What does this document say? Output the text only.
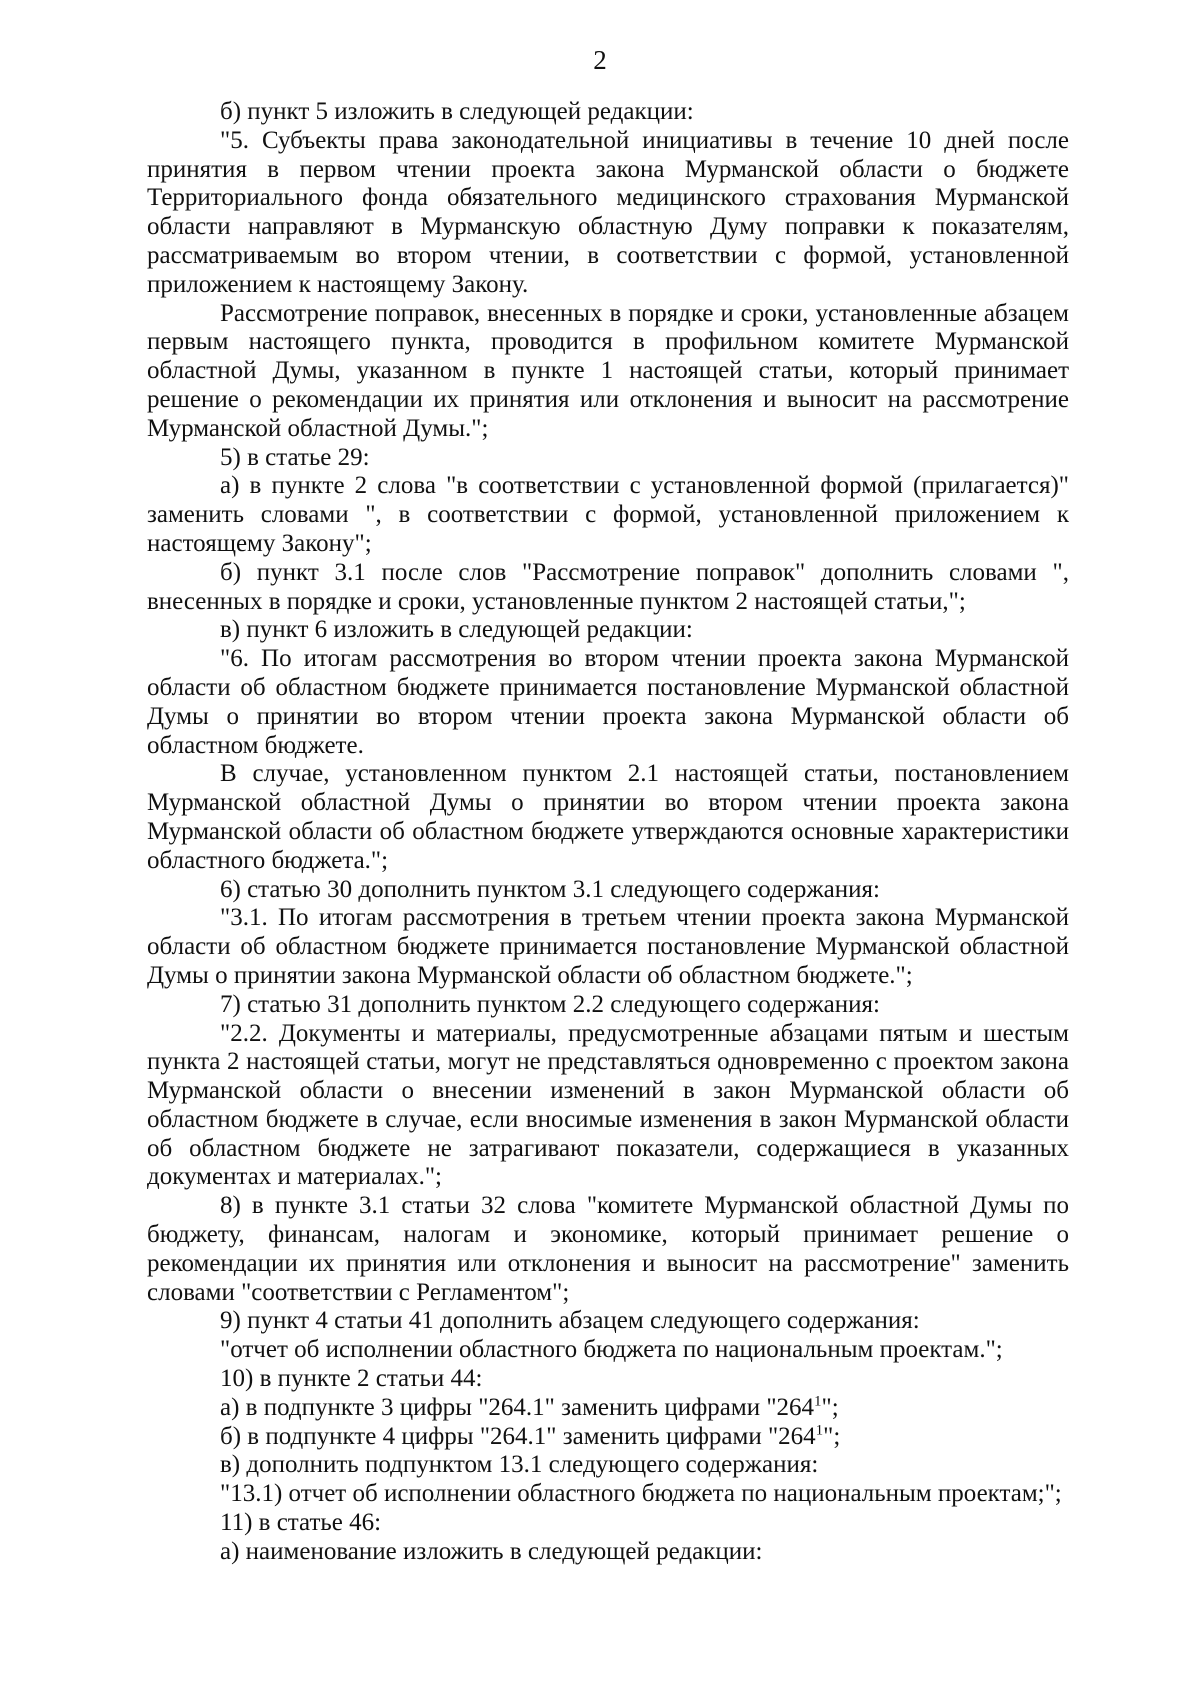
2

б) пункт 5 изложить в следующей редакции:

"5. Субъекты права законодательной инициативы в течение 10 дней после принятия в первом чтении проекта закона Мурманской области о бюджете Территориального фонда обязательного медицинского страхования Мурманской области направляют в Мурманскую областную Думу поправки к показателям, рассматриваемым во втором чтении, в соответствии с формой, установленной приложением к настоящему Закону.

Рассмотрение поправок, внесенных в порядке и сроки, установленные абзацем первым настоящего пункта, проводится в профильном комитете Мурманской областной Думы, указанном в пункте 1 настоящей статьи, который принимает решение о рекомендации их принятия или отклонения и выносит на рассмотрение Мурманской областной Думы.";

5) в статье 29:

а) в пункте 2 слова "в соответствии с установленной формой (прилагается)" заменить словами ", в соответствии с формой, установленной приложением к настоящему Закону";

б) пункт 3.1 после слов "Рассмотрение поправок" дополнить словами ", внесенных в порядке и сроки, установленные пунктом 2 настоящей статьи,";

в) пункт 6 изложить в следующей редакции:

"6. По итогам рассмотрения во втором чтении проекта закона Мурманской области об областном бюджете принимается постановление Мурманской областной Думы о принятии во втором чтении проекта закона Мурманской области об областном бюджете.

В случае, установленном пунктом 2.1 настоящей статьи, постановлением Мурманской областной Думы о принятии во втором чтении проекта закона Мурманской области об областном бюджете утверждаются основные характеристики областного бюджета.";

6) статью 30 дополнить пунктом 3.1 следующего содержания:

"3.1. По итогам рассмотрения в третьем чтении проекта закона Мурманской области об областном бюджете принимается постановление Мурманской областной Думы о принятии закона Мурманской области об областном бюджете.";

7) статью 31 дополнить пунктом 2.2 следующего содержания:

"2.2. Документы и материалы, предусмотренные абзацами пятым и шестым пункта 2 настоящей статьи, могут не представляться одновременно с проектом закона Мурманской области о внесении изменений в закон Мурманской области об областном бюджете в случае, если вносимые изменения в закон Мурманской области об областном бюджете не затрагивают показатели, содержащиеся в указанных документах и материалах.";

8) в пункте 3.1 статьи 32 слова "комитете Мурманской областной Думы по бюджету, финансам, налогам и экономике, который принимает решение о рекомендации их принятия или отклонения и выносит на рассмотрение" заменить словами "соответствии с Регламентом";

9) пункт 4 статьи 41 дополнить абзацем следующего содержания:

"отчет об исполнении областного бюджета по национальным проектам.";

10) в пункте 2 статьи 44:

а) в подпункте 3 цифры "264.1" заменить цифрами "$264^1$";

б) в подпункте 4 цифры "264.1" заменить цифрами "$264^1$";

в) дополнить подпунктом 13.1 следующего содержания:

"13.1) отчет об исполнении областного бюджета по национальным проектам;";

11) в статье 46:

а) наименование изложить в следующей редакции:
